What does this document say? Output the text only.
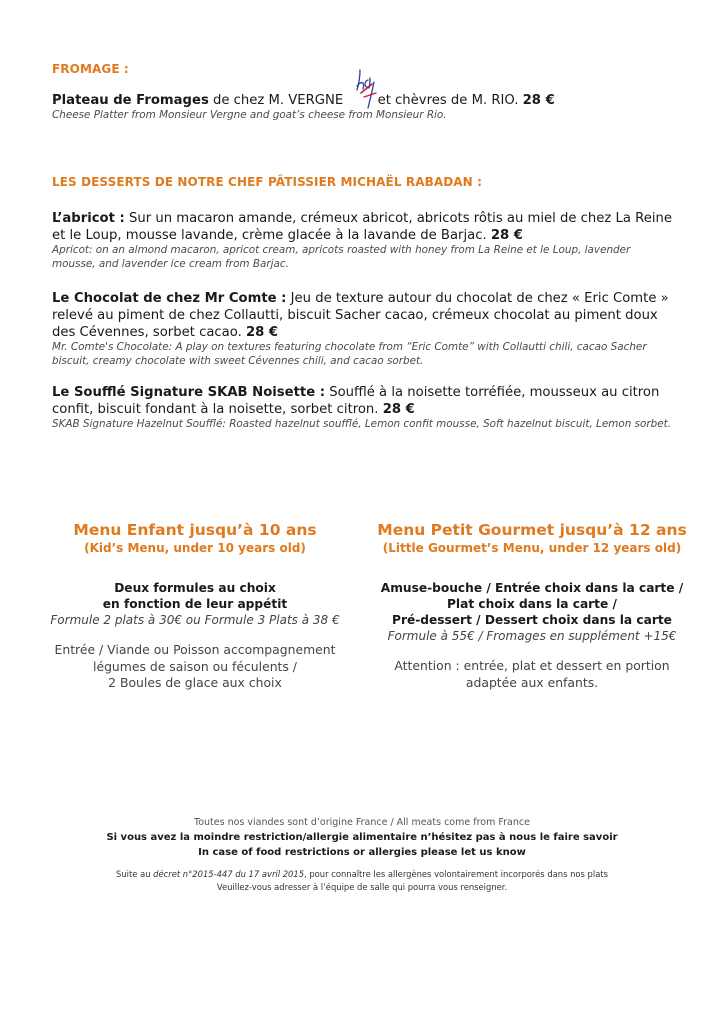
FROMAGE :
Plateau de Fromages de chez M. VERGNE  et chèvres de M. RIO. 28 €
Cheese Platter from Monsieur Vergne and goat’s cheese from Monsieur Rio.
LES DESSERTS DE NOTRE CHEF PÂTISSIER MICHAËL RABADAN :
L’abricot : Sur un macaron amande, crémeux abricot, abricots rôtis au miel de chez La Reine et le Loup, mousse lavande, crème glacée à la lavande de Barjac. 28 €
Apricot: on an almond macaron, apricot cream, apricots roasted with honey from La Reine et le Loup, lavender mousse, and lavender ice cream from Barjac.
Le Chocolat de chez Mr Comte : Jeu de texture autour du chocolat de chez « Eric Comte » relevé au piment de chez Collautti, biscuit Sacher cacao, crémeux chocolat au piment doux des Cévennes, sorbet cacao. 28 €
Mr. Comte's Chocolate: A play on textures featuring chocolate from “Eric Comte” with Collautti chili, cacao Sacher biscuit, creamy chocolate with sweet Cévennes chili, and cacao sorbet.
Le Soufflé Signature SKAB Noisette : Soufflé à la noisette torréfiée, mousseux au citron confit, biscuit fondant à la noisette, sorbet citron. 28 €
SKAB Signature Hazelnut Soufflé: Roasted hazelnut soufflé, Lemon confit mousse, Soft hazelnut biscuit, Lemon sorbet.
Menu Enfant jusqu’à 10 ans
(Kid’s Menu, under 10 years old)
Deux formules au choix
en fonction de leur appétit
Formule 2 plats à 30€ ou Formule 3 Plats à 38 €
Entrée / Viande ou Poisson accompagnement
légumes de saison ou féculents /
2 Boules de glace aux choix
Menu Petit Gourmet jusqu’à 12 ans
(Little Gourmet’s Menu, under 12 years old)
Amuse-bouche / Entrée choix dans la carte /
Plat choix dans la carte /
Pré-dessert / Dessert choix dans la carte
Formule à 55€ / Fromages en supplément +15€
Attention : entrée, plat et dessert en portion
adaptée aux enfants.
Toutes nos viandes sont d’origine France / All meats come from France
Si vous avez la moindre restriction/allergie alimentaire n’hésitez pas à nous le faire savoir
In case of food restrictions or allergies please let us know
Suite au décret n°2015-447 du 17 avril 2015, pour connaître les allergènes volontairement incorporés dans nos plats
Veuillez-vous adresser à l’équipe de salle qui pourra vous renseigner.
